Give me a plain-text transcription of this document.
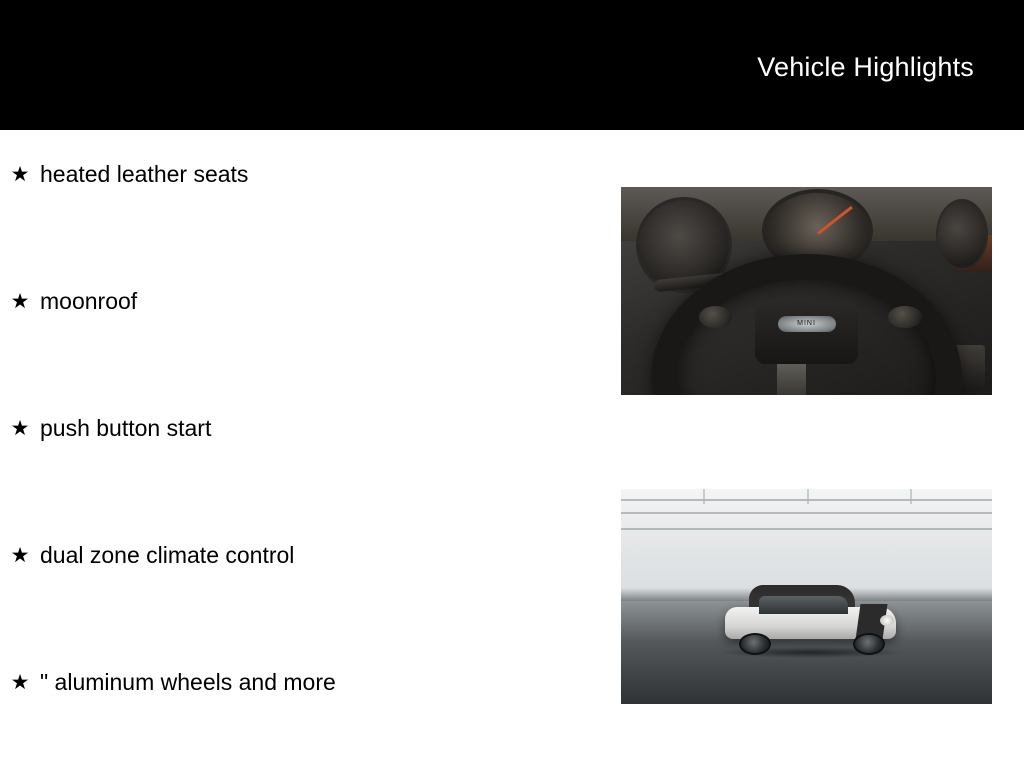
Vehicle Highlights
★ heated leather seats
★ moonroof
★ push button start
★ dual zone climate control
★ " aluminum wheels and more
MINI
